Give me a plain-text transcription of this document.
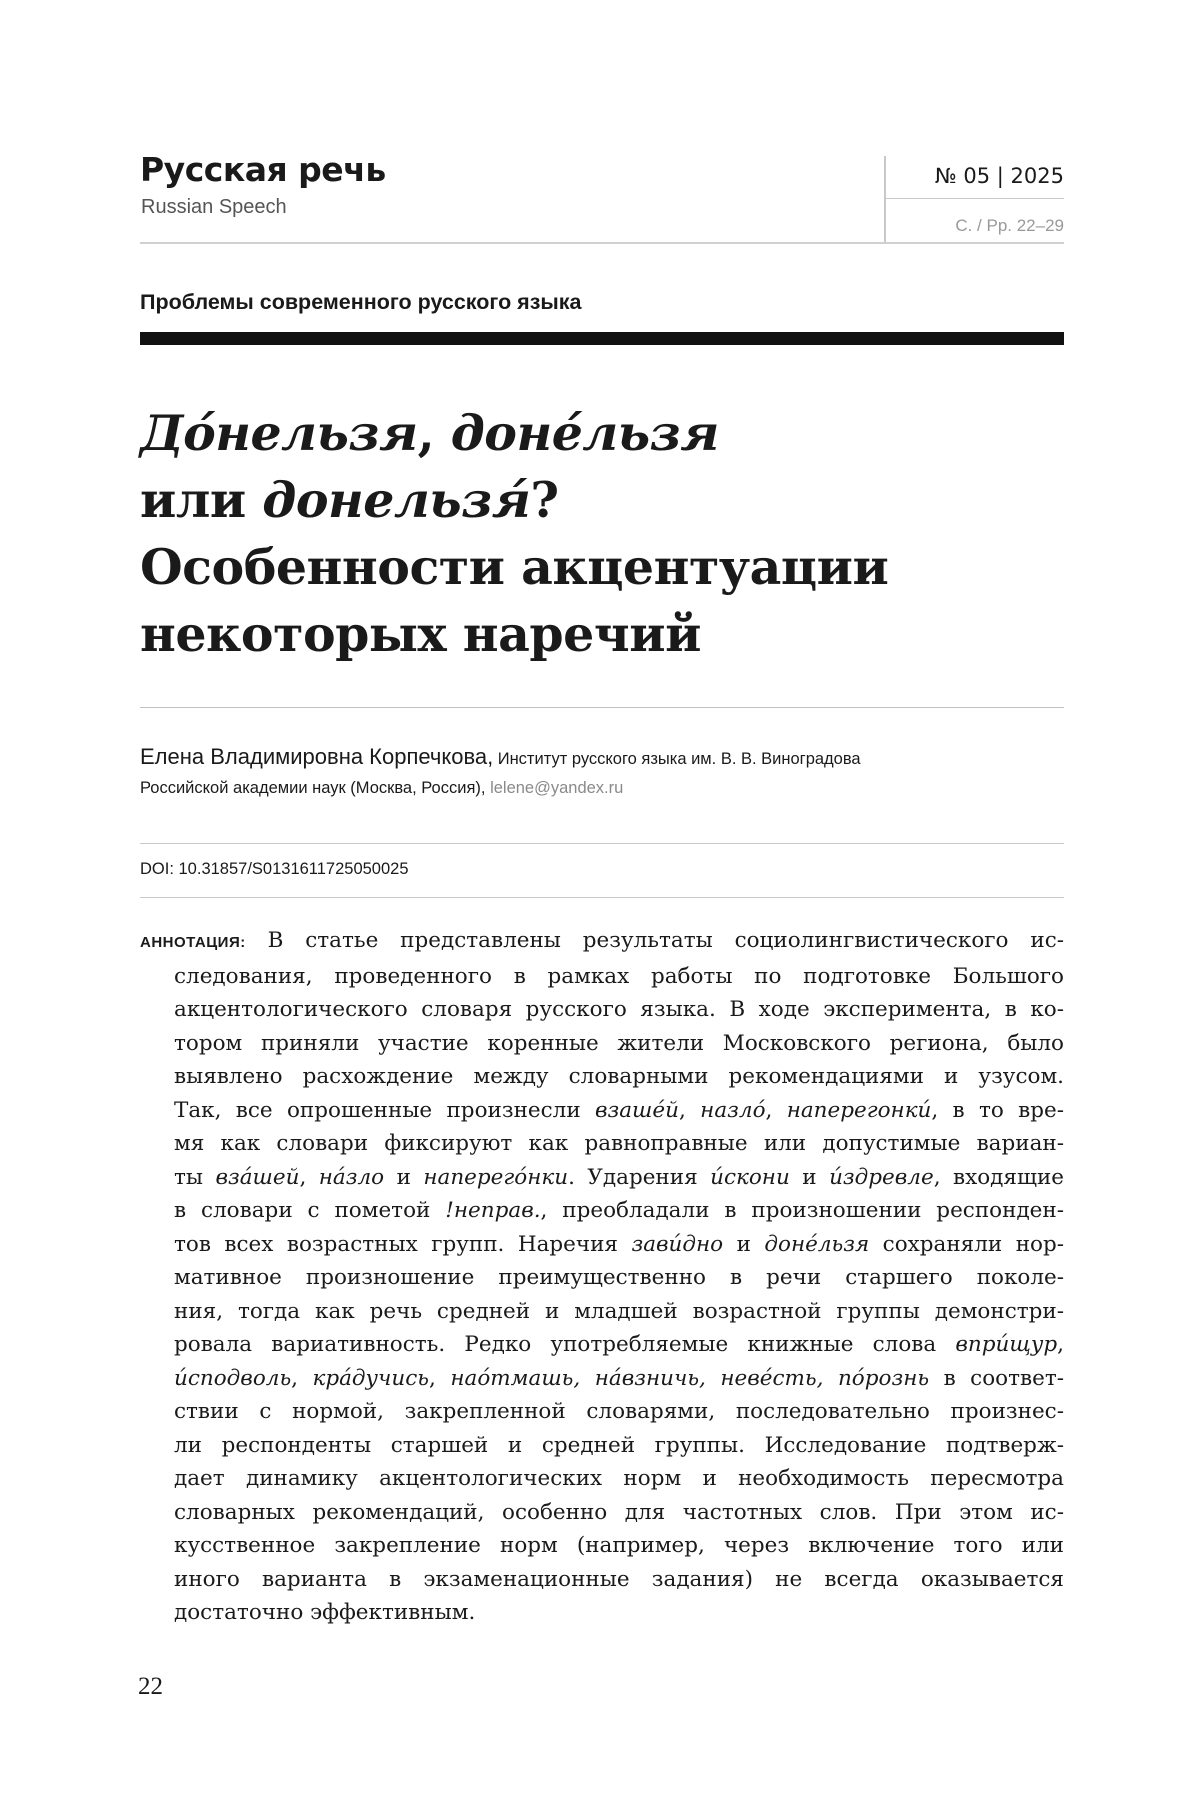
Русская речь
Russian Speech
№ 05 | 2025
С. / Pp. 22–29
Проблемы современного русского языка
До́нельзя, доне́льзя
или донельзя́?
Особенности акцентуации
некоторых наречий
Елена Владимировна Корпечкова, Институт русского языка им. В. В. Виноградова
Российской академии наук (Москва, Россия), lelene@yandex.ru
DOI: 10.31857/S0131611725050025
АННОТАЦИЯ: В статье представлены результаты социолингвистического ис-
следования, проведенного в рамках работы по подготовке Большого
акцентологического словаря русского языка. В ходе эксперимента, в ко-
тором приняли участие коренные жители Московского региона, было
выявлено расхождение между словарными рекомендациями и узусом.
Так, все опрошенные произнесли взаше́й, назло́, наперегонки́, в то вре-
мя как словари фиксируют как равноправные или допустимые вариан-
ты вза́шей, на́зло и наперего́нки. Ударения и́скони и и́здревле, входящие
в словари с пометой !неправ., преобладали в произношении респонден-
тов всех возрастных групп. Наречия зави́дно и доне́льзя сохраняли нор-
мативное произношение преимущественно в речи старшего поколе-
ния, тогда как речь средней и младшей возрастной группы демонстри-
ровала вариативность. Редко употребляемые книжные слова впри́щур,
и́сподволь, кра́дучись, нао́тмашь, на́взничь, неве́сть, по́рознь в соответ-
ствии с нормой, закрепленной словарями, последовательно произнес-
ли респонденты старшей и средней группы. Исследование подтверж-
дает динамику акцентологических норм и необходимость пересмотра
словарных рекомендаций, особенно для частотных слов. При этом ис-
кусственное закрепление норм (например, через включение того или
иного варианта в экзаменационные задания) не всегда оказывается
достаточно эффективным.
22
